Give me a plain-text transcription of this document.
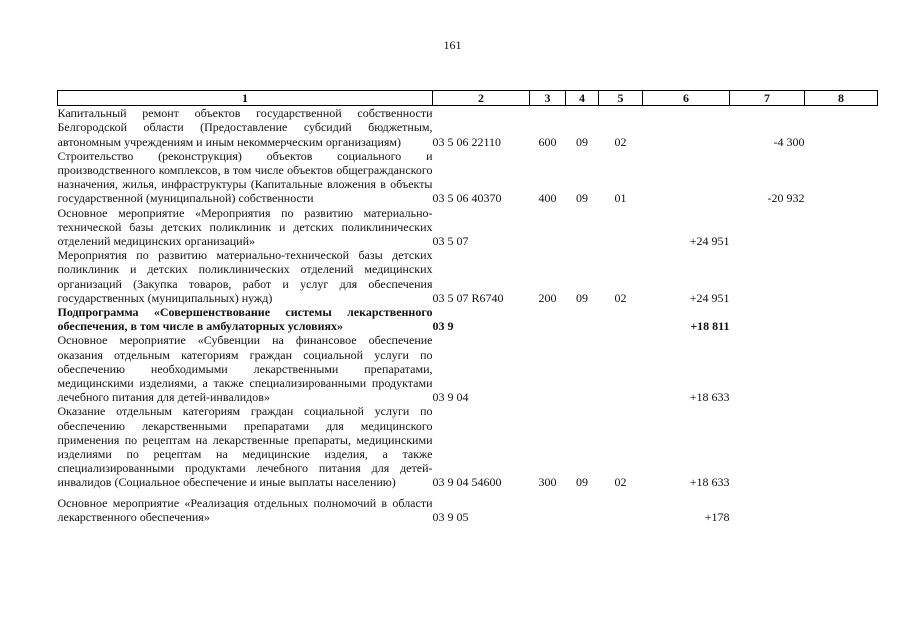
161
1	2	3	4	5	6	7	8
Капитальный ремонт объектов государственной собственности Белгородской области (Предоставление субсидий бюджетным, автономным учреждениям и иным некоммерческим организациям)	03 5 06 22110	600	09	02		-4 300	
Строительство (реконструкция) объектов социального и производственного комплексов, в том числе объектов общегражданского назначения, жилья, инфраструктуры (Капитальные вложения в объекты государственной (муниципальной) собственности	03 5 06 40370	400	09	01		-20 932	
Основное мероприятие «Мероприятия по развитию материально-технической базы детских поликлиник и детских поликлинических отделений медицинских организаций»	03 5 07				+24 951		
Мероприятия по развитию материально-технической базы детских поликлиник и детских поликлинических отделений медицинских организаций (Закупка товаров, работ и услуг для обеспечения государственных (муниципальных) нужд)	03 5 07 R6740	200	09	02	+24 951		
Подпрограмма «Совершенствование системы лекарственного обеспечения, в том числе в амбулаторных условиях»	03 9				+18 811		
Основное мероприятие «Субвенции на финансовое обеспечение оказания отдельным категориям граждан социальной услуги по обеспечению необходимыми лекарственными препаратами, медицинскими изделиями, а также специализированными продуктами лечебного питания для детей-инвалидов»	03 9 04				+18 633		
Оказание отдельным категориям граждан социальной услуги по обеспечению лекарственными препаратами для медицинского применения по рецептам на лекарственные препараты, медицинскими изделиями по рецептам на медицинские изделия, а также специализированными продуктами лечебного питания для детей-инвалидов (Социальное обеспечение и иные выплаты населению)	03 9 04 54600	300	09	02	+18 633		
Основное мероприятие «Реализация отдельных полномочий в области лекарственного обеспечения»	03 9 05				+178		
